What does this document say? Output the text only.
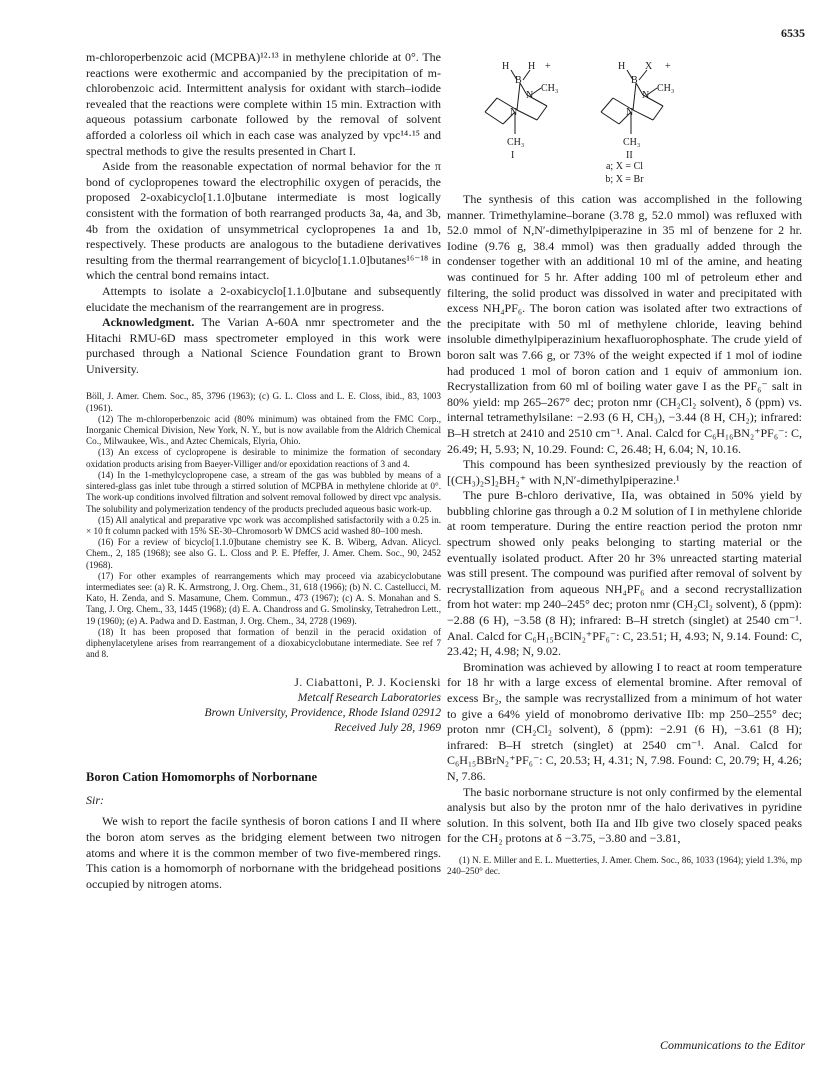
6535

m-chloroperbenzoic acid (MCPBA)¹²·¹³ in methylene chloride at 0°. The reactions were exothermic and accompanied by the precipitation of m-chlorobenzoic acid. Intermittent analysis for oxidant with starch–iodide revealed that the reactions were complete within 15 min. Extraction with aqueous potassium carbonate followed by the removal of solvent afforded a colorless oil which in each case was analyzed by vpc¹⁴·¹⁵ and spectral methods to give the results presented in Chart I.

Aside from the reasonable expectation of normal behavior for the π bond of cyclopropenes toward the electrophilic oxygen of peracids, the proposed 2-oxabicyclo[1.1.0]butane intermediate is most logically consistent with the formation of both rearranged products 3a, 4a, and 3b, 4b from the oxidation of unsymmetrical cyclopropenes 1a and 1b, respectively. These products are analogous to the butadiene derivatives resulting from the thermal rearrangement of bicyclo[1.1.0]butanes¹⁶⁻¹⁸ in which the central bond remains intact.

Attempts to isolate a 2-oxabicyclo[1.1.0]butane and subsequently elucidate the mechanism of the rearrangement are in progress.

Acknowledgment. The Varian A-60A nmr spectrometer and the Hitachi RMU-6D mass spectrometer employed in this work were purchased through a National Science Foundation grant to Brown University.

Böll, J. Amer. Chem. Soc., 85, 3796 (1963); (c) G. L. Closs and L. E. Closs, ibid., 83, 1003 (1961).

(12) The m-chloroperbenzoic acid (80% minimum) was obtained from the FMC Corp., Inorganic Chemical Division, New York, N. Y., but is now available from the Aldrich Chemical Co., Milwaukee, Wis., and Aztec Chemicals, Elyria, Ohio.

(13) An excess of cyclopropene is desirable to minimize the formation of secondary oxidation products arising from Baeyer-Villiger and/or epoxidation reactions of 3 and 4.

(14) In the 1-methylcyclopropene case, a stream of the gas was bubbled by means of a sintered-glass gas inlet tube through a stirred solution of MCPBA in methylene chloride at 0°. The work-up conditions involved filtration and solvent removal followed by direct vpc analysis. The solubility and polymerization tendency of the products precluded aqueous basic work-up.

(15) All analytical and preparative vpc work was accomplished satisfactorily with a 0.25 in. × 10 ft column packed with 15% SE-30–Chromosorb W DMCS acid washed 80–100 mesh.

(16) For a review of bicyclo[1.1.0]butane chemistry see K. B. Wiberg, Advan. Alicycl. Chem., 2, 185 (1968); see also G. L. Closs and P. E. Pfeffer, J. Amer. Chem. Soc., 90, 2452 (1968).

(17) For other examples of rearrangements which may proceed via azabicyclobutane intermediates see: (a) R. K. Armstrong, J. Org. Chem., 31, 618 (1966); (b) N. C. Castellucci, M. Kato, H. Zenda, and S. Masamune, Chem. Commun., 473 (1967); (c) A. S. Monahan and S. Tang, J. Org. Chem., 33, 1445 (1968); (d) E. A. Chandross and G. Smolinsky, Tetrahedron Lett., 19 (1960); (e) A. Padwa and D. Eastman, J. Org. Chem., 34, 2728 (1969).

(18) It has been proposed that formation of benzil in the peracid oxidation of diphenylacetylene arises from rearrangement of a dioxabicyclobutane intermediate. See ref 7 and 8.

J. Ciabattoni, P. J. Kocienski
Metcalf Research Laboratories
Brown University, Providence, Rhode Island 02912
Received July 28, 1969
Boron Cation Homomorphs of Norbornane
Sir:

We wish to report the facile synthesis of boron cations I and II where the boron atom serves as the bridging element between two nitrogen atoms and where it is the common member of two five-membered rings. This cation is a homomorph of norbornane with the bridgehead positions occupied by nitrogen atoms.

H H
B
+
N
CH₃
N
CH₃
I
H X
B
+
N
CH₃
N
CH₃
II
a; X = Cl
b; X = Br

The synthesis of this cation was accomplished in the following manner. Trimethylamine–borane (3.78 g, 52.0 mmol) was refluxed with 52.0 mmol of N,N′-dimethylpiperazine in 35 ml of benzene for 2 hr. Iodine (9.76 g, 38.4 mmol) was then gradually added through the condenser together with an additional 10 ml of the amine, and heating was continued for 5 hr. After adding 100 ml of petroleum ether and filtering, the solid product was dissolved in water and precipitated with excess NH₄PF₆. The boron cation was isolated after two extractions of the precipitate with 50 ml of methylene chloride, leaving behind insoluble dimethylpiperazinium hexafluorophosphate. The crude yield of boron salt was 7.66 g, or 73% of the weight expected if 1 mol of iodine had produced 1 mol of boron cation and 1 equiv of ammonium ion. Recrystallization from 60 ml of boiling water gave I as the PF₆⁻ salt in 80% yield: mp 265–267° dec; proton nmr (CH₂Cl₂ solvent), δ (ppm) vs. internal tetramethylsilane: −2.93 (6 H, CH₃), −3.44 (8 H, CH₂); infrared: B–H stretch at 2410 and 2510 cm⁻¹. Anal. Calcd for C₆H₁₆BN₂⁺PF₆⁻: C, 26.49; H, 5.93; N, 10.29. Found: C, 26.48; H, 6.04; N, 10.16.

This compound has been synthesized previously by the reaction of [(CH₃)₂S]₂BH₂⁺ with N,N′-dimethylpiperazine.¹

The pure B-chloro derivative, IIa, was obtained in 50% yield by bubbling chlorine gas through a 0.2 M solution of I in methylene chloride at room temperature. During the entire reaction period the proton nmr spectrum showed only peaks belonging to starting material or the eventually isolated product. After 20 hr 3% unreacted starting material was still present. The compound was purified after removal of solvent by recrystallization from aqueous NH₄PF₆ and a second recrystallization from hot water: mp 240–245° dec; proton nmr (CH₂Cl₂ solvent), δ (ppm): −2.88 (6 H), −3.58 (8 H); infrared: B–H stretch (singlet) at 2540 cm⁻¹. Anal. Calcd for C₆H₁₅BClN₂⁺PF₆⁻: C, 23.51; H, 4.93; N, 9.14. Found: C, 23.42; H, 4.98; N, 9.02.

Bromination was achieved by allowing I to react at room temperature for 18 hr with a large excess of elemental bromine. After removal of excess Br₂, the sample was recrystallized from a minimum of hot water to give a 64% yield of monobromo derivative IIb: mp 250–255° dec; proton nmr (CH₂Cl₂ solvent), δ (ppm): −2.91 (6 H), −3.61 (8 H); infrared: B–H stretch (singlet) at 2540 cm⁻¹. Anal. Calcd for C₆H₁₅BBrN₂⁺PF₆⁻: C, 20.53; H, 4.31; N, 7.98. Found: C, 20.79; H, 4.26; N, 7.86.

The basic norbornane structure is not only confirmed by the elemental analysis but also by the proton nmr of the halo derivatives in pyridine solution. In this solvent, both IIa and IIb give two closely spaced peaks for the CH₂ protons at δ −3.75, −3.80 and −3.81,

(1) N. E. Miller and E. L. Muetterties, J. Amer. Chem. Soc., 86, 1033 (1964); yield 1.3%, mp 240–250° dec.

Communications to the Editor
